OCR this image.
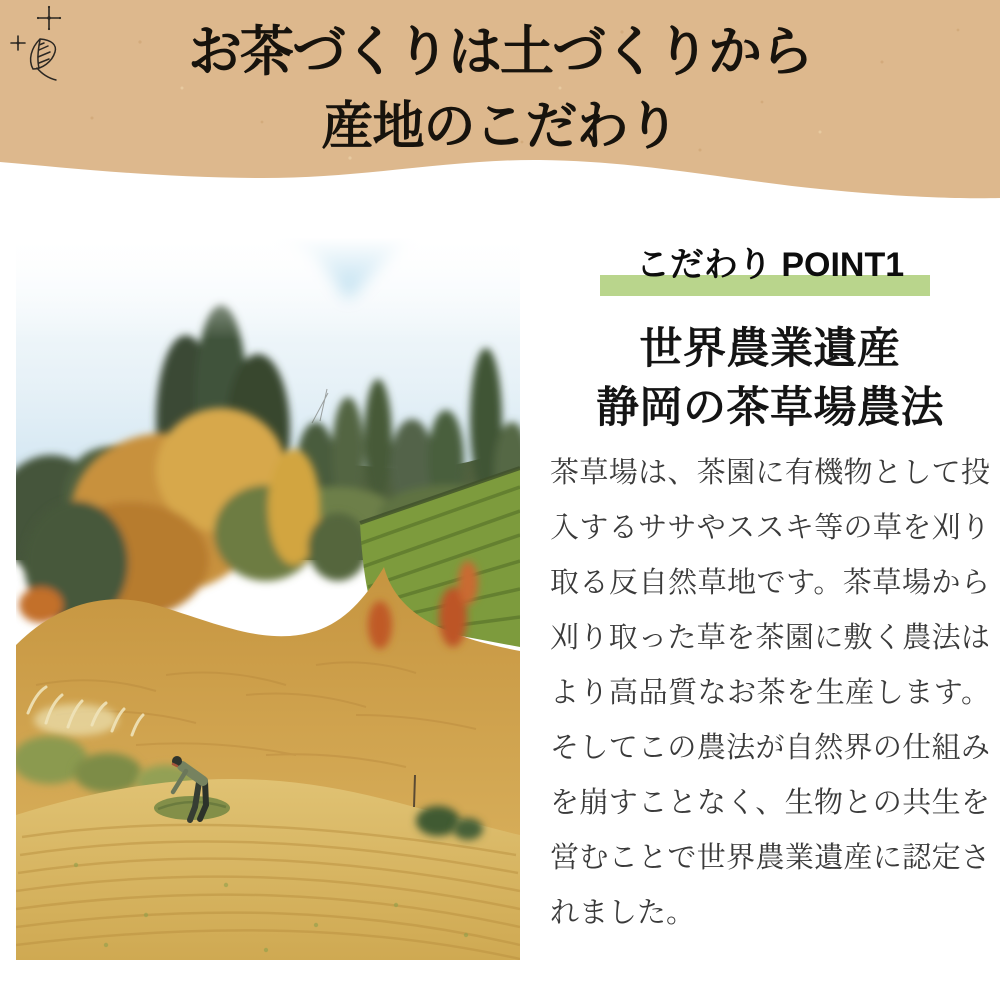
お茶づくりは土づくりから
産地のこだわり
こだわり POINT1
世界農業遺産
静岡の茶草場農法
茶草場は、茶園に有機物として投
入するササやススキ等の草を刈り
取る反自然草地です。茶草場から
刈り取った草を茶園に敷く農法は
より高品質なお茶を生産します。
そしてこの農法が自然界の仕組み
を崩すことなく、生物との共生を
営むことで世界農業遺産に認定さ
れました。
